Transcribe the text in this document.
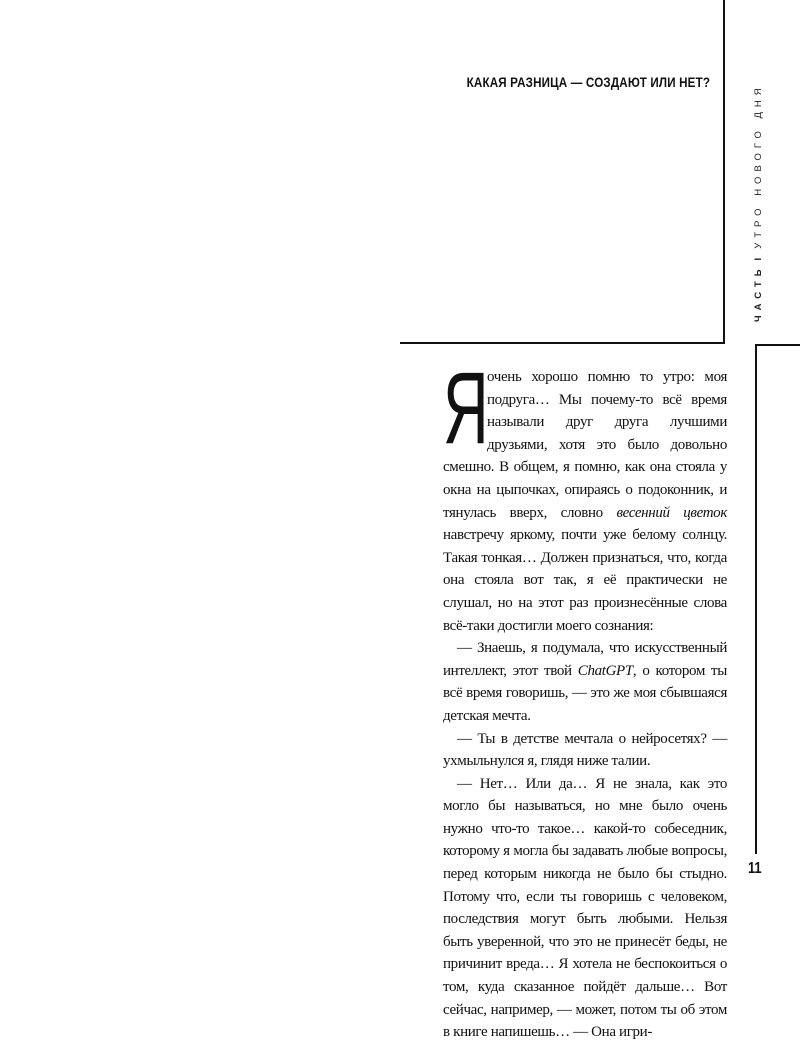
КАКАЯ РАЗНИЦА — СОЗДАЮТ ИЛИ НЕТ?
ЧАСТЬIУТРО НОВОГО ДНЯ
11

Я
очень хорошо помню то утро: моя подруга… Мы почему-то всё время называли друг друга лучшими друзьями, хотя это было довольно смешно. В общем, я помню, как она стояла у окна на цыпочках, опираясь о подоконник, и тянулась вверх, словно весенний цветок навстречу яркому, почти уже белому солнцу. Такая тонкая… Должен признаться, что, когда она стояла вот так, я её практически не слушал, но на этот раз произнесённые слова всё-таки достигли моего сознания:

— Знаешь, я подумала, что искусственный интеллект, этот твой ChatGPT, о котором ты всё время говоришь, — это же моя сбывшаяся детская мечта.

— Ты в детстве мечтала о нейросетях? — ухмыльнулся я, глядя ниже талии.

— Нет… Или да… Я не знала, как это могло бы называться, но мне было очень нужно что-то такое… какой-то собеседник, которому я могла бы задавать любые вопросы, перед которым никогда не было бы стыдно. Потому что, если ты говоришь с человеком, последствия могут быть любыми. Нельзя быть уверенной, что это не принесёт беды, не причинит вреда… Я хотела не беспокоиться о том, куда сказанное пойдёт дальше… Вот сейчас, например, — может, потом ты об этом в книге напишешь… — Она игри-
